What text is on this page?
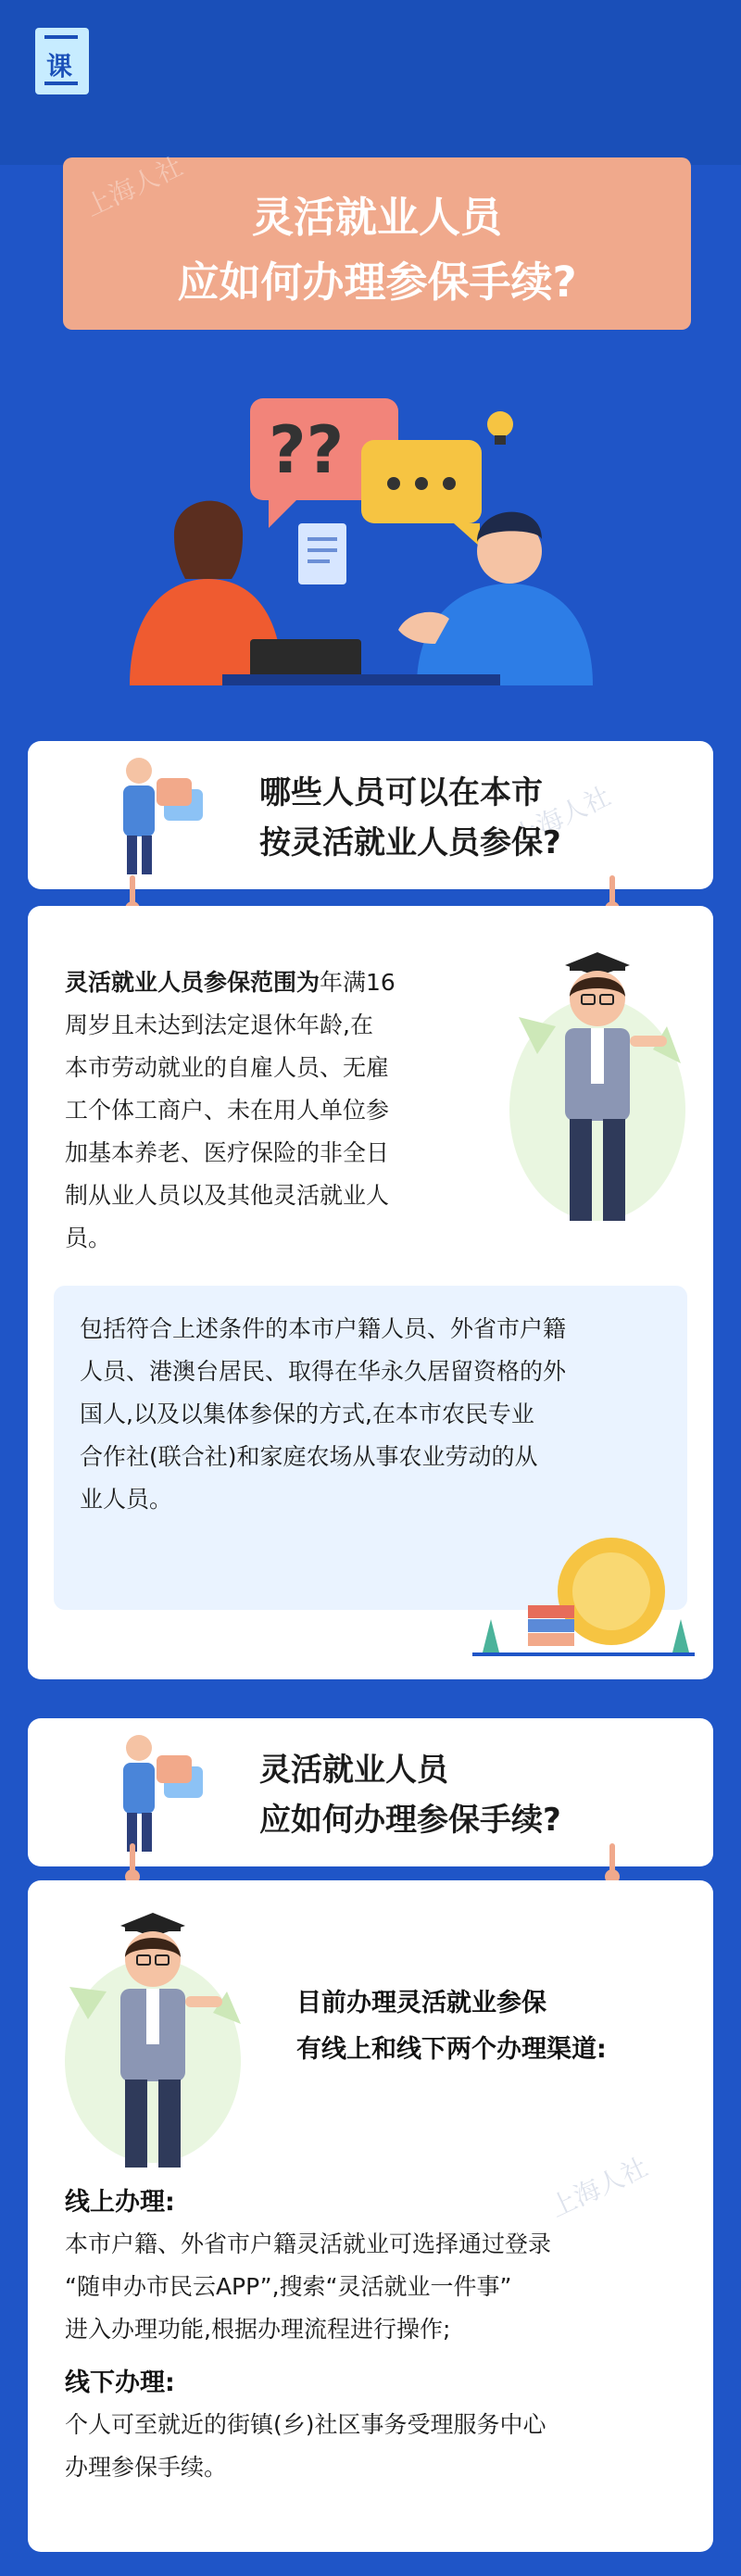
课
上海人社	灵活就业人员
应如何办理参保手续?
??
上海人社
哪些人员可以在本市
按灵活就业人员参保?
灵活就业人员参保范围为年满16
周岁且未达到法定退休年龄,在
本市劳动就业的自雇人员、无雇
工个体工商户、未在用人单位参
加基本养老、医疗保险的非全日
制从业人员以及其他灵活就业人
员。
包括符合上述条件的本市户籍人员、外省市户籍
人员、港澳台居民、取得在华永久居留资格的外
国人,以及以集体参保的方式,在本市农民专业
合作社(联合社)和家庭农场从事农业劳动的从
业人员。
灵活就业人员
应如何办理参保手续?
目前办理灵活就业参保
有线上和线下两个办理渠道:
上海人社
线上办理:
本市户籍、外省市户籍灵活就业可选择通过登录
“随申办市民云APP”,搜索“灵活就业一件事”
进入办理功能,根据办理流程进行操作;
线下办理:
个人可至就近的街镇(乡)社区事务受理服务中心
办理参保手续。
